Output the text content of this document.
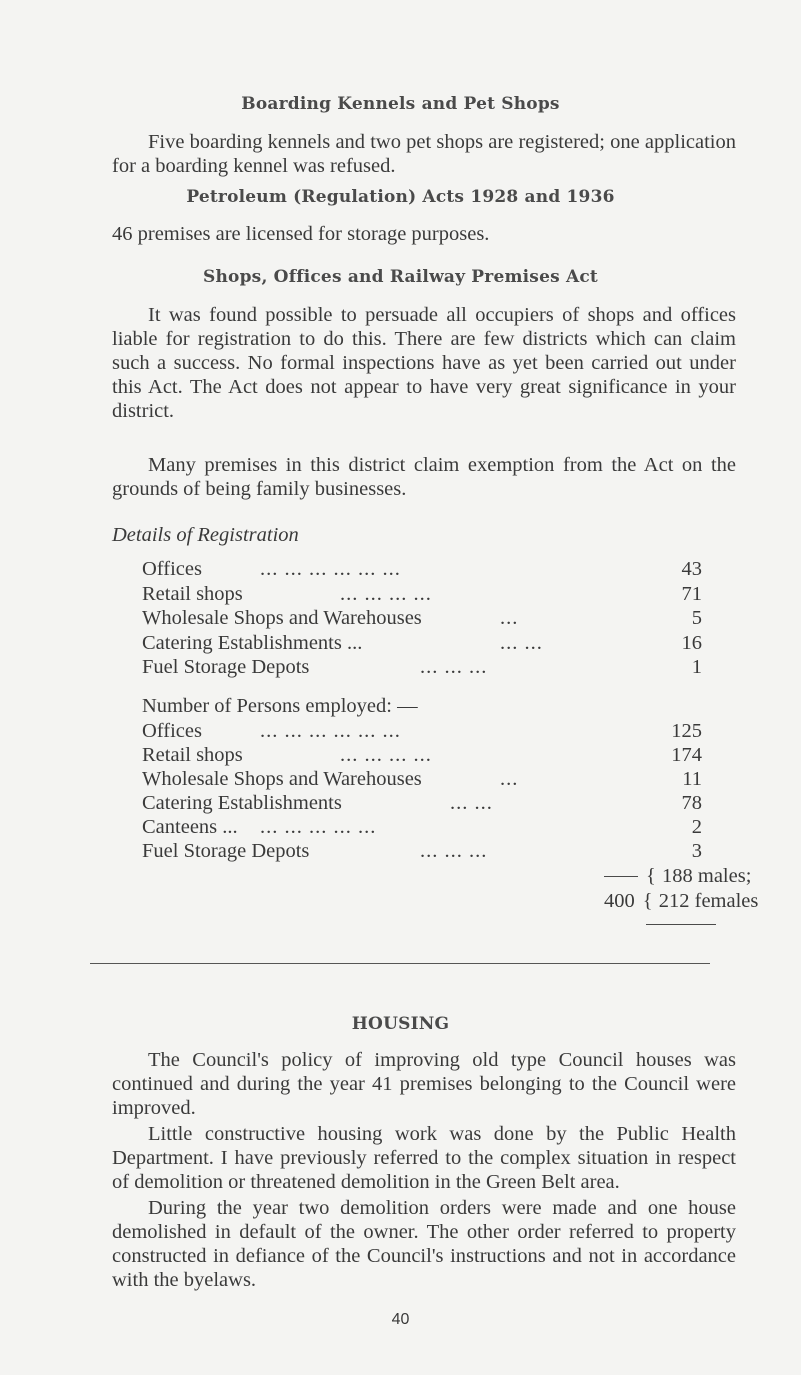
Boarding Kennels and Pet Shops

Five boarding kennels and two pet shops are registered; one application for a boarding kennel was refused.

Petroleum (Regulation) Acts 1928 and 1936

46 premises are licensed for storage purposes.

Shops, Offices and Railway Premises Act

It was found possible to persuade all occupiers of shops and offices liable for registration to do this. There are few districts which can claim such a success. No formal inspections have as yet been carried out under this Act. The Act does not appear to have very great significance in your district.

Many premises in this district claim exemption from the Act on the grounds of being family businesses.

Details of Registration
Offices	... ... ... ... ... ...	43
Retail shops	... ... ... ...	71
Wholesale Shops and Warehouses	...	5
Catering Establishments ...	... ...	16
Fuel Storage Depots	... ... ...	1
Number of Persons employed: —
Offices	... ... ... ... ... ...	125
Retail shops	... ... ... ...	174
Wholesale Shops and Warehouses	...	11
Catering Establishments	... ...	78
Canteens ... ... ... ... ... ...	2
Fuel Storage Depots	... ... ...	3
{ 188 males;
400 { 212 females
HOUSING

The Council's policy of improving old type Council houses was continued and during the year 41 premises belonging to the Council were improved.

Little constructive housing work was done by the Public Health Department. I have previously referred to the complex situation in respect of demolition or threatened demolition in the Green Belt area.

During the year two demolition orders were made and one house demolished in default of the owner. The other order referred to property constructed in defiance of the Council's instructions and not in accordance with the byelaws.

40
